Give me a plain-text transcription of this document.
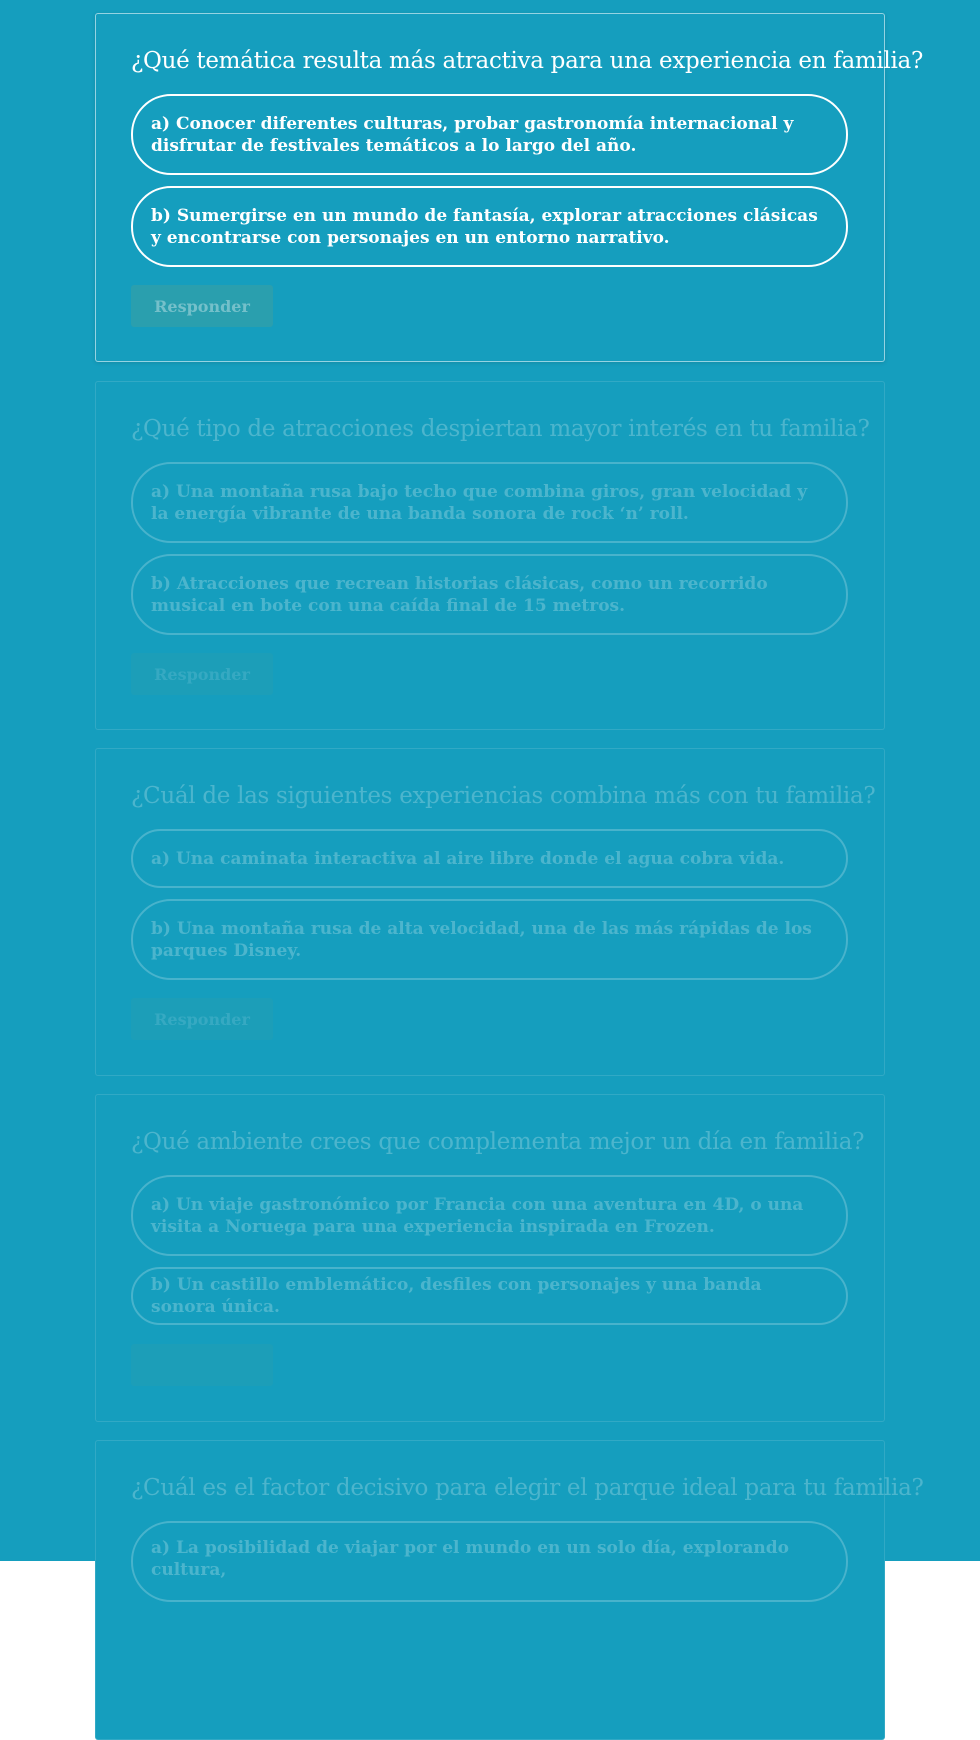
¿Qué temática resulta más atractiva para una experiencia en familia?
a) Conocer diferentes culturas, probar gastronomía internacional y disfrutar de festivales temáticos a lo largo del año.
b) Sumergirse en un mundo de fantasía, explorar atracciones clásicas y encontrarse con personajes en un entorno narrativo.
Responder
¿Qué tipo de atracciones despiertan mayor interés en tu familia?
a) Una montaña rusa bajo techo que combina giros, gran velocidad y la energía vibrante de una banda sonora de rock ‘n’ roll.
b) Atracciones que recrean historias clásicas, como un recorrido musical en bote con una caída final de 15 metros.
Responder
¿Cuál de las siguientes experiencias combina más con tu familia?
a) Una caminata interactiva al aire libre donde el agua cobra vida.
b) Una montaña rusa de alta velocidad, una de las más rápidas de los parques Disney.
Responder
¿Qué ambiente crees que complementa mejor un día en familia?
a) Un viaje gastronómico por Francia con una aventura en 4D, o una visita a Noruega para una experiencia inspirada en Frozen.
b) Un castillo emblemático, desfiles con personajes y una banda sonora única.
¿Cuál es el factor decisivo para elegir el parque ideal para tu familia?
a) La posibilidad de viajar por el mundo en un solo día, explorando cultura,
